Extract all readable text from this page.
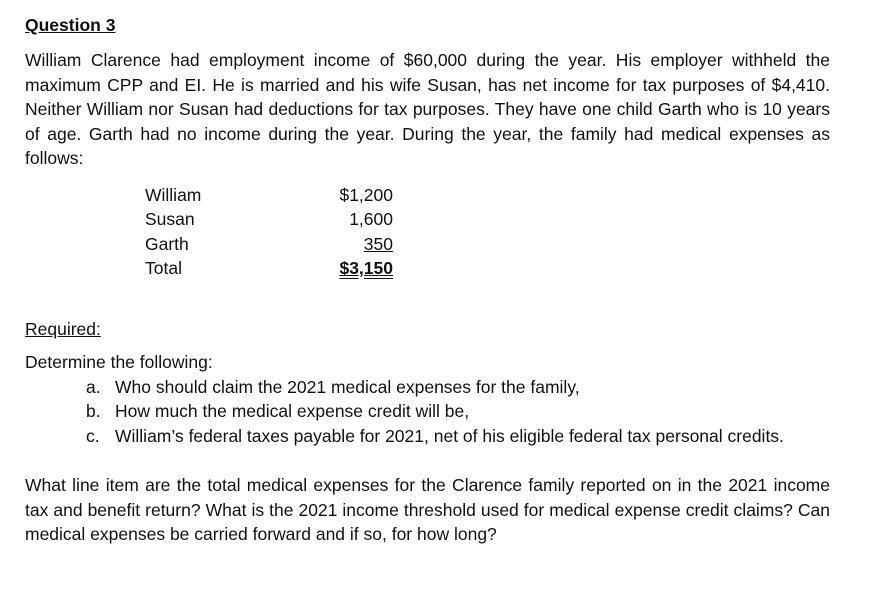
Question 3

William Clarence had employment income of $60,000 during the year. His employer withheld the maximum CPP and EI. He is married and his wife Susan, has net income for tax purposes of $4,410. Neither William nor Susan had deductions for tax purposes. They have one child Garth who is 10 years of age. Garth had no income during the year. During the year, the family had medical expenses as follows:

William	$1,200
Susan	1,600
Garth	350
Total	$3,150
Required:
Determine the following:
a. Who should claim the 2021 medical expenses for the family,
b. How much the medical expense credit will be,
c. William’s federal taxes payable for 2021, net of his eligible federal tax personal credits.

What line item are the total medical expenses for the Clarence family reported on in the 2021 income tax and benefit return? What is the 2021 income threshold used for medical expense credit claims? Can medical expenses be carried forward and if so, for how long?
